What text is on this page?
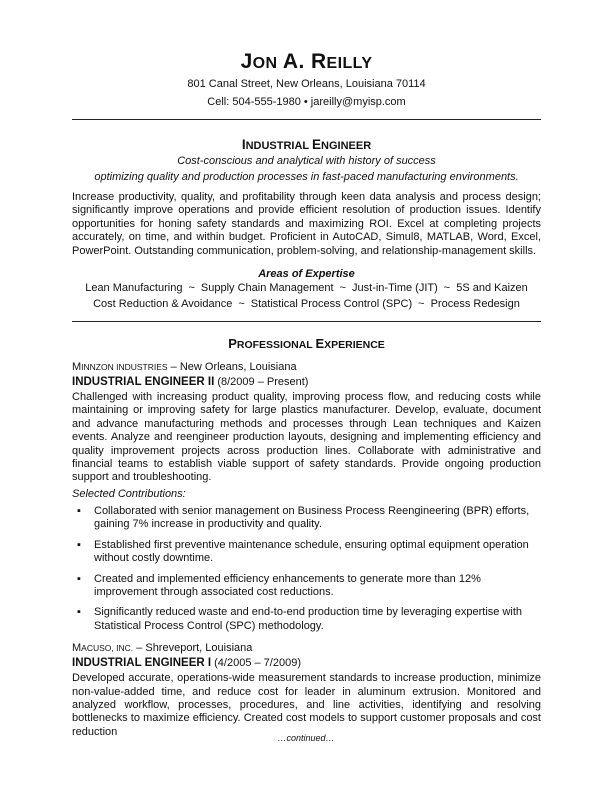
JON A. REILLY
801 Canal Street, New Orleans, Louisiana 70114
Cell: 504-555-1980 • jareilly@myisp.com
INDUSTRIAL ENGINEER
Cost-conscious and analytical with history of success
optimizing quality and production processes in fast-paced manufacturing environments.
Increase productivity, quality, and profitability through keen data analysis and process design; significantly improve operations and provide efficient resolution of production issues. Identify opportunities for honing safety standards and maximizing ROI. Excel at completing projects accurately, on time, and within budget. Proficient in AutoCAD, Simul8, MATLAB, Word, Excel, PowerPoint. Outstanding communication, problem-solving, and relationship-management skills.
Areas of Expertise
Lean Manufacturing ~ Supply Chain Management ~ Just-in-Time (JIT) ~ 5S and Kaizen
Cost Reduction & Avoidance ~ Statistical Process Control (SPC) ~ Process Redesign
PROFESSIONAL EXPERIENCE
MINNZON INDUSTRIES – New Orleans, Louisiana
INDUSTRIAL ENGINEER II (8/2009 – Present)
Challenged with increasing product quality, improving process flow, and reducing costs while maintaining or improving safety for large plastics manufacturer. Develop, evaluate, document and advance manufacturing methods and processes through Lean techniques and Kaizen events. Analyze and reengineer production layouts, designing and implementing efficiency and quality improvement projects across production lines. Collaborate with administrative and financial teams to establish viable support of safety standards. Provide ongoing production support and troubleshooting.
Selected Contributions:
▪ Collaborated with senior management on Business Process Reengineering (BPR) efforts, gaining 7% increase in productivity and quality.
▪ Established first preventive maintenance schedule, ensuring optimal equipment operation without costly downtime.
▪ Created and implemented efficiency enhancements to generate more than 12% improvement through associated cost reductions.
▪ Significantly reduced waste and end-to-end production time by leveraging expertise with Statistical Process Control (SPC) methodology.
MACUSO, INC. – Shreveport, Louisiana
INDUSTRIAL ENGINEER I (4/2005 – 7/2009)
Developed accurate, operations-wide measurement standards to increase production, minimize non-value-added time, and reduce cost for leader in aluminum extrusion. Monitored and analyzed workflow, processes, procedures, and line activities, identifying and resolving bottlenecks to maximize efficiency. Created cost models to support customer proposals and cost reduction
…continued…
